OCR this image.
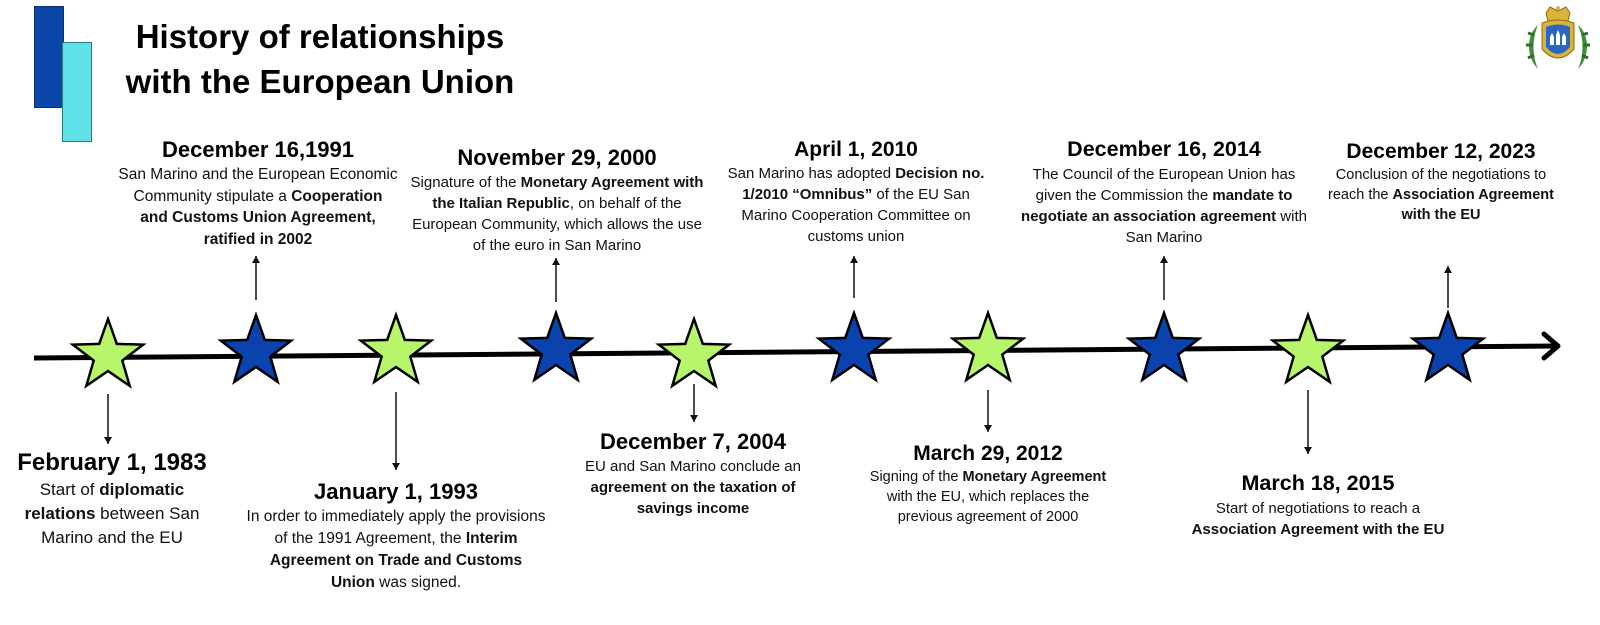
History of relationships
with the European Union
February 1, 1983
Start of diplomatic relations between San Marino and the EU
December 16,1991
San Marino and the European Economic Community stipulate a Cooperation and Customs Union Agreement, ratified in 2002
January 1, 1993
In order to immediately apply the provisions of the 1991 Agreement, the Interim Agreement on Trade and Customs Union was signed.
November 29, 2000
Signature of the Monetary Agreement with the Italian Republic, on behalf of the European Community, which allows the use of the euro in San Marino
December 7, 2004
EU and San Marino conclude an agreement on the taxation of savings income
April 1, 2010
San Marino has adopted Decision no. 1/2010 “Omnibus” of the EU San Marino Cooperation Committee on customs union
March 29, 2012
Signing of the Monetary Agreement with the EU, which replaces the previous agreement of 2000
December 16, 2014
The Council of the European Union has given the Commission the mandate to negotiate an association agreement with San Marino
March 18, 2015
Start of negotiations to reach a Association Agreement with the EU
December 12, 2023
Conclusion of the negotiations to reach the Association Agreement with the EU
